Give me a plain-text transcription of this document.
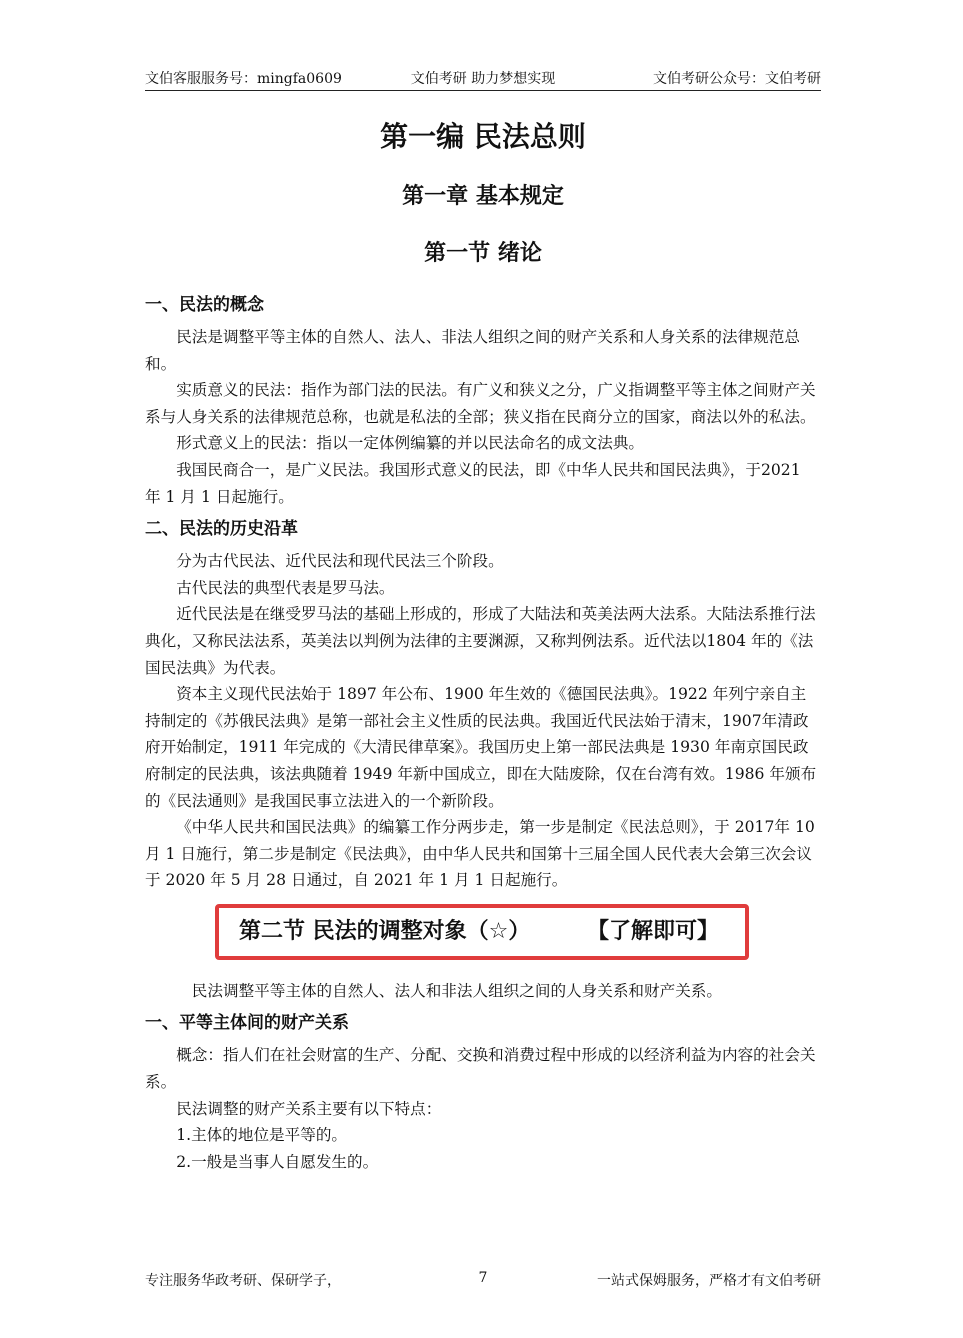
文伯客服服务号：mingfa0609	文伯考研 助力梦想实现	文伯考研公众号：文伯考研
第一编 民法总则
第一章 基本规定
第一节 绪论
一、民法的概念

民法是调整平等主体的自然人、法人、非法人组织之间的财产关系和人身关系的法律规范总和。

实质意义的民法：指作为部门法的民法。有广义和狭义之分，广义指调整平等主体之间财产关系与人身关系的法律规范总称，也就是私法的全部；狭义指在民商分立的国家，商法以外的私法。

形式意义上的民法：指以一定体例编纂的并以民法命名的成文法典。

我国民商合一，是广义民法。我国形式意义的民法，即《中华人民共和国民法典》，于2021 年 1 月 1 日起施行。

二、民法的历史沿革

分为古代民法、近代民法和现代民法三个阶段。

古代民法的典型代表是罗马法。

近代民法是在继受罗马法的基础上形成的，形成了大陆法和英美法两大法系。大陆法系推行法典化，又称民法法系，英美法以判例为法律的主要渊源，又称判例法系。近代法以1804 年的《法国民法典》为代表。

资本主义现代民法始于 1897 年公布、1900 年生效的《德国民法典》。1922 年列宁亲自主持制定的《苏俄民法典》是第一部社会主义性质的民法典。我国近代民法始于清末，1907年清政府开始制定，1911 年完成的《大清民律草案》。我国历史上第一部民法典是 1930 年南京国民政府制定的民法典，该法典随着 1949 年新中国成立，即在大陆废除，仅在台湾有效。1986 年颁布的《民法通则》是我国民事立法进入的一个新阶段。

《中华人民共和国民法典》的编纂工作分两步走，第一步是制定《民法总则》，于 2017年 10 月 1 日施行，第二步是制定《民法典》，由中华人民共和国第十三届全国人民代表大会第三次会议于 2020 年 5 月 28 日通过，自 2021 年 1 月 1 日起施行。

第二节 民法的调整对象（☆）	【了解即可】

民法调整平等主体的自然人、法人和非法人组织之间的人身关系和财产关系。

一、平等主体间的财产关系

概念：指人们在社会财富的生产、分配、交换和消费过程中形成的以经济利益为内容的社会关系。

民法调整的财产关系主要有以下特点：

1.主体的地位是平等的。

2.一般是当事人自愿发生的。

专注服务华政考研、保研学子，	7	一站式保姆服务，严格才有文伯考研
